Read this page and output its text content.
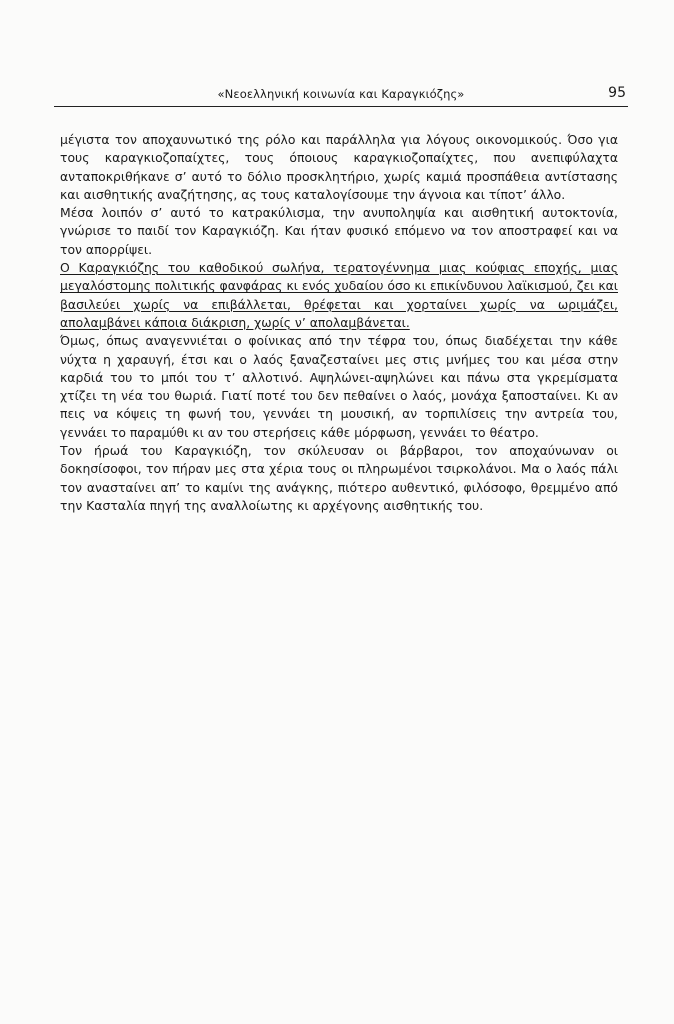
«Νεοελληνική κοινωνία και Καραγκιόζης»	95

μέγιστα τον αποχαυνωτικό της ρόλο και παράλληλα για λόγους οικονομικούς. Όσο για τους καραγκιοζοπαίχτες, τους όποιους καραγκιοζοπαίχτες, που ανεπιφύλαχτα ανταποκριθήκανε σ’ αυτό το δόλιο προσκλητήριο, χωρίς καμιά προσπάθεια αντίστασης και αισθητικής αναζήτησης, ας τους καταλογίσουμε την άγνοια και τίποτ’ άλλο.

Μέσα λοιπόν σ’ αυτό το κατρακύλισμα, την ανυποληψία και αισθητική αυτοκτονία, γνώρισε το παιδί τον Καραγκιόζη. Και ήταν φυσικό επόμενο να τον αποστραφεί και να τον απορρίψει.

Ο Καραγκιόζης του καθοδικού σωλήνα, τερατογέννημα μιας κούφιας εποχής, μιας μεγαλόστομης πολιτικής φανφάρας κι ενός χυδαίου όσο κι επικίνδυνου λαϊκισμού, ζει και βασιλεύει χωρίς να επιβάλλεται, θρέφεται και χορταίνει χωρίς να ωριμάζει, απολαμβάνει κάποια διάκριση, χωρίς ν’ απολαμβάνεται.

Όμως, όπως αναγεννιέται ο φοίνικας από την τέφρα του, όπως διαδέχεται την κάθε νύχτα η χαραυγή, έτσι και ο λαός ξαναζεσταίνει μες στις μνήμες του και μέσα στην καρδιά του το μπόι του τ’ αλλοτινό. Αψηλώνει-αψηλώνει και πάνω στα γκρεμίσματα χτίζει τη νέα του θωριά. Γιατί ποτέ του δεν πεθαίνει ο λαός, μονάχα ξαποσταίνει. Κι αν πεις να κόψεις τη φωνή του, γεννάει τη μουσική, αν τορπιλίσεις την αντρεία του, γεννάει το παραμύθι κι αν του στερήσεις κάθε μόρφωση, γεννάει το θέατρο.

Τον ήρωά του Καραγκιόζη, τον σκύλευσαν οι βάρβαροι, τον αποχαύνωναν οι δοκησίσοφοι, τον πήραν μες στα χέρια τους οι πληρωμένοι τσιρκολάνοι. Μα ο λαός πάλι τον ανασταίνει απ’ το καμίνι της ανάγκης, πιότερο αυθεντικό, φιλόσοφο, θρεμμένο από την Κασταλία πηγή της αναλλοίωτης κι αρχέγονης αισθητικής του.
